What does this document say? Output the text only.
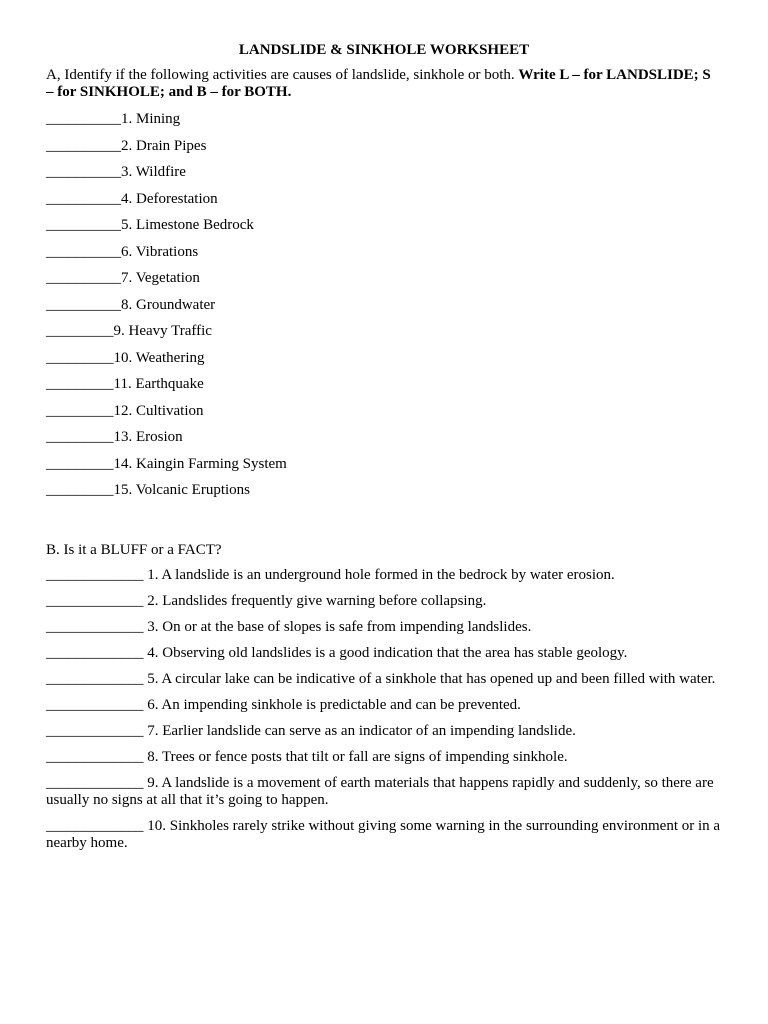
LANDSLIDE & SINKHOLE WORKSHEET
A, Identify if the following activities are causes of landslide, sinkhole or both. Write L – for LANDSLIDE; S – for SINKHOLE; and B – for BOTH.
__________1. Mining
__________2. Drain Pipes
__________3. Wildfire
__________4. Deforestation
__________5. Limestone Bedrock
__________6. Vibrations
__________7. Vegetation
__________8. Groundwater
_________9. Heavy Traffic
_________10. Weathering
_________11. Earthquake
_________12. Cultivation
_________13. Erosion
_________14. Kaingin Farming System
_________15. Volcanic Eruptions
B. Is it a BLUFF or a FACT?
_____________ 1. A landslide is an underground hole formed in the bedrock by water erosion.
_____________ 2. Landslides frequently give warning before collapsing.
_____________ 3. On or at the base of slopes is safe from impending landslides.
_____________ 4. Observing old landslides is a good indication that the area has stable geology.
_____________ 5. A circular lake can be indicative of a sinkhole that has opened up and been filled with water.
_____________ 6. An impending sinkhole is predictable and can be prevented.
_____________ 7. Earlier landslide can serve as an indicator of an impending landslide.
_____________ 8. Trees or fence posts that tilt or fall are signs of impending sinkhole.
_____________ 9. A landslide is a movement of earth materials that happens rapidly and suddenly, so there are usually no signs at all that it’s going to happen.
_____________ 10. Sinkholes rarely strike without giving some warning in the surrounding environment or in a nearby home.
